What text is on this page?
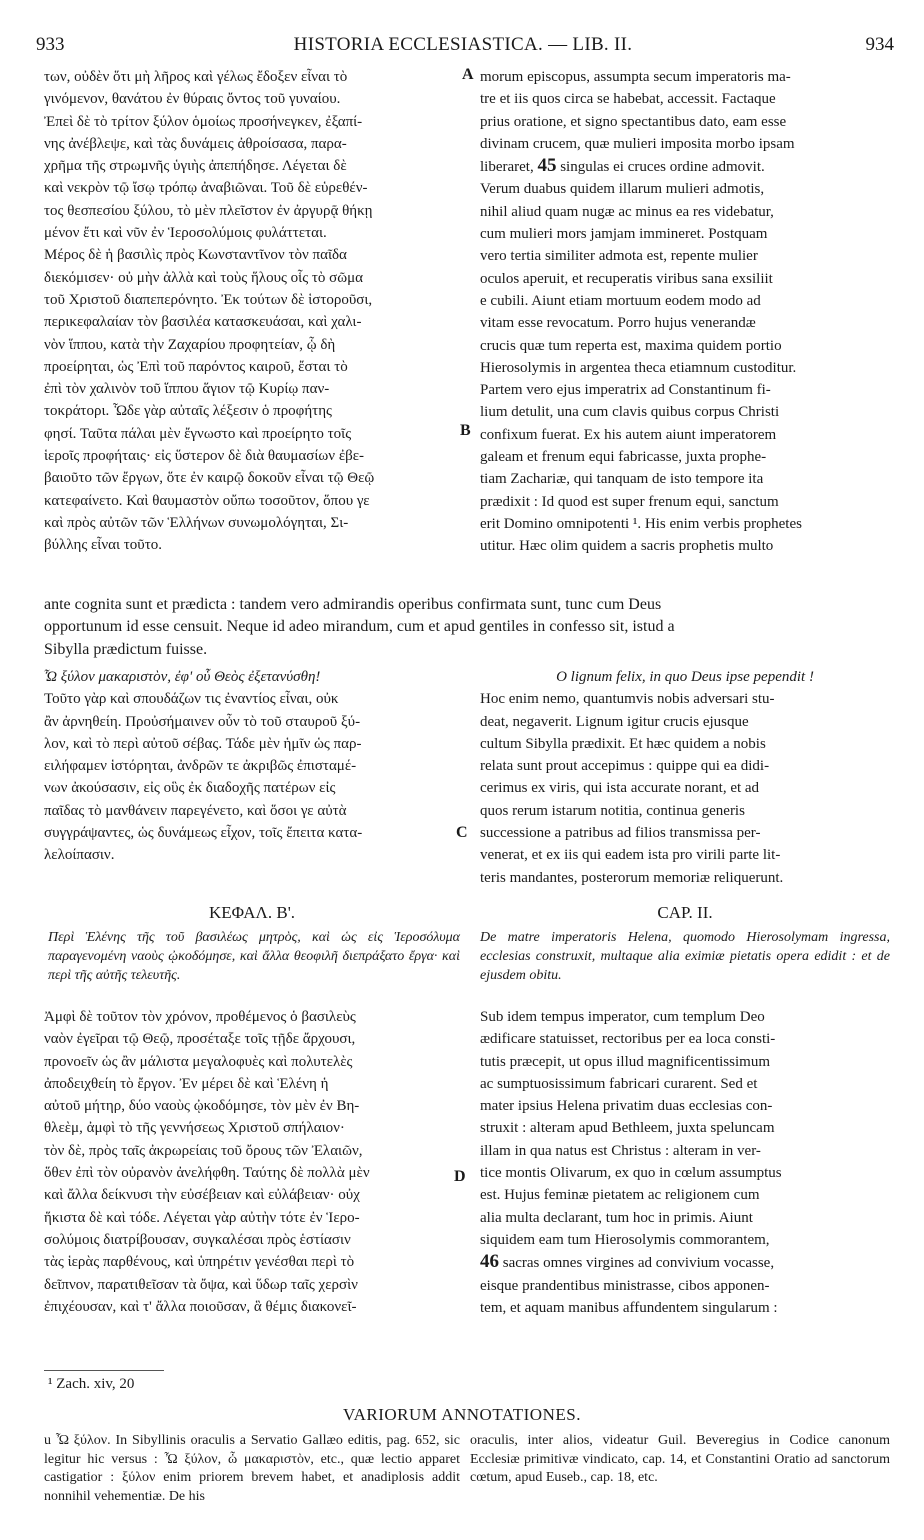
933	HISTORIA ECCLESIASTICA. — LIB. II.	934

των, οὐδὲν ὅτι μὴ λῆρος καὶ γέλως ἔδοξεν εἶναι τὸ

γινόμενον, θανάτου ἐν θύραις ὄντος τοῦ γυναίου.

Ἐπεὶ δὲ τὸ τρίτον ξύλον ὁμοίως προσήνεγκεν, ἐξαπί-

νης ἀνέβλεψε, καὶ τὰς δυνάμεις ἀθροίσασα, παρα-

χρῆμα τῆς στρωμνῆς ὑγιὴς ἀπεπήδησε. Λέγεται δὲ

καὶ νεκρὸν τῷ ἴσῳ τρόπῳ ἀναβιῶναι. Τοῦ δὲ εὑρεθέν-

τος θεσπεσίου ξύλου, τὸ μὲν πλεῖστον ἐν ἀργυρᾷ θήκῃ

μένον ἔτι καὶ νῦν ἐν Ἱεροσολύμοις φυλάττεται.

Μέρος δὲ ἡ βασιλὶς πρὸς Κωνσταντῖνον τὸν παῖδα

διεκόμισεν· οὐ μὴν ἀλλὰ καὶ τοὺς ἥλους οἷς τὸ σῶμα

τοῦ Χριστοῦ διαπεπερόνητο. Ἐκ τούτων δὲ ἱστοροῦσι,

περικεφαλαίαν τὸν βασιλέα κατασκευάσαι, καὶ χαλι-

νὸν ἵππου, κατὰ τὴν Ζαχαρίου προφητείαν, ᾧ δὴ

προείρηται, ὡς Ἐπὶ τοῦ παρόντος καιροῦ, ἔσται τὸ

ἐπὶ τὸν χαλινὸν τοῦ ἵππου ἅγιον τῷ Κυρίῳ παν-

τοκράτορι. Ὧδε γὰρ αὐταῖς λέξεσιν ὁ προφήτης

φησί. Ταῦτα πάλαι μὲν ἔγνωστο καὶ προείρητο τοῖς

ἱεροῖς προφήταις· εἰς ὕστερον δὲ διὰ θαυμασίων ἐβε-

βαιοῦτο τῶν ἔργων, ὅτε ἐν καιρῷ δοκοῦν εἶναι τῷ Θεῷ

κατεφαίνετο. Καὶ θαυμαστὸν οὔπω τοσοῦτον, ὅπου γε

καὶ πρὸς αὐτῶν τῶν Ἑλλήνων συνωμολόγηται, Σι-

βύλλης εἶναι τοῦτο.

morum episcopus, assumpta secum imperatoris ma-

tre et iis quos circa se habebat, accessit. Factaque

prius oratione, et signo spectantibus dato, eam esse

divinam crucem, quæ mulieri imposita morbo ipsam

liberaret, 45 singulas ei cruces ordine admovit.

Verum duabus quidem illarum mulieri admotis,

nihil aliud quam nugæ ac minus ea res videbatur,

cum mulieri mors jamjam immineret. Postquam

vero tertia similiter admota est, repente mulier

oculos aperuit, et recuperatis viribus sana exsiliit

e cubili. Aiunt etiam mortuum eodem modo ad

vitam esse revocatum. Porro hujus venerandæ

crucis quæ tum reperta est, maxima quidem portio

Hierosolymis in argentea theca etiamnum custoditur.

Partem vero ejus imperatrix ad Constantinum fi-

lium detulit, una cum clavis quibus corpus Christi

confixum fuerat. Ex his autem aiunt imperatorem

galeam et frenum equi fabricasse, juxta prophe-

tiam Zachariæ, qui tanquam de isto tempore ita

prædixit : Id quod est super frenum equi, sanctum

erit Domino omnipotenti ¹. His enim verbis prophetes

utitur. Hæc olim quidem a sacris prophetis multo

A
B

ante cognita sunt et prædicta : tandem vero admirandis operibus confirmata sunt, tunc cum Deus

opportunum id esse censuit. Neque id adeo mirandum, cum et apud gentiles in confesso sit, istud a

Sibylla prædictum fuisse.

Ὦ ξύλον μακαριστὸν, ἐφ' οὗ Θεὸς ἐξετανύσθη!

Τοῦτο γὰρ καὶ σπουδάζων τις ἐναντίος εἶναι, οὐκ

ἂν ἀρνηθείη. Προὐσήμαινεν οὖν τὸ τοῦ σταυροῦ ξύ-

λον, καὶ τὸ περὶ αὐτοῦ σέβας. Τάδε μὲν ἡμῖν ὡς παρ-

ειλήφαμεν ἱστόρηται, ἀνδρῶν τε ἀκριβῶς ἐπισταμέ-

νων ἀκούσασιν, εἰς οὓς ἐκ διαδοχῆς πατέρων εἰς

παῖδας τὸ μανθάνειν παρεγένετο, καὶ ὅσοι γε αὐτὰ

συγγράψαντες, ὡς δυνάμεως εἶχον, τοῖς ἔπειτα κατα-

λελοίπασιν.

O lignum felix, in quo Deus ipse pependit !

Hoc enim nemo, quantumvis nobis adversari stu-

deat, negaverit. Lignum igitur crucis ejusque

cultum Sibylla prædixit. Et hæc quidem a nobis

relata sunt prout accepimus : quippe qui ea didi-

cerimus ex viris, qui ista accurate norant, et ad

quos rerum istarum notitia, continua generis

successione a patribus ad filios transmissa per-

venerat, et ex iis qui eadem ista pro virili parte lit-

teris mandantes, posterorum memoriæ reliquerunt.

C
ΚΕΦΑΛ. Β'.	CAP. II.
Περὶ Ἑλένης τῆς τοῦ βασιλέως μητρὸς, καὶ ὡς εἰς Ἱεροσόλυμα παραγενομένη ναοὺς ᾠκοδόμησε, καὶ ἄλλα θεοφιλῆ διεπράξατο ἔργα· καὶ περὶ τῆς αὐτῆς τελευτῆς.
De matre imperatoris Helena, quomodo Hierosolymam ingressa, ecclesias construxit, multaque alia eximiæ pietatis opera edidit : et de ejusdem obitu.

Ἀμφὶ δὲ τοῦτον τὸν χρόνον, προθέμενος ὁ βασιλεὺς

ναὸν ἐγεῖραι τῷ Θεῷ, προσέταξε τοῖς τῇδε ἄρχουσι,

προνοεῖν ὡς ἂν μάλιστα μεγαλοφυὲς καὶ πολυτελὲς

ἀποδειχθείη τὸ ἔργον. Ἐν μέρει δὲ καὶ Ἑλένη ἡ

αὐτοῦ μήτηρ, δύο ναοὺς ᾠκοδόμησε, τὸν μὲν ἐν Βη-

θλεὲμ, ἀμφὶ τὸ τῆς γεννήσεως Χριστοῦ σπήλαιον·

τὸν δὲ, πρὸς ταῖς ἀκρωρείαις τοῦ ὄρους τῶν Ἐλαιῶν,

ὅθεν ἐπὶ τὸν οὐρανὸν ἀνελήφθη. Ταύτης δὲ πολλὰ μὲν

καὶ ἄλλα δείκνυσι τὴν εὐσέβειαν καὶ εὐλάβειαν· οὐχ

ἥκιστα δὲ καὶ τόδε. Λέγεται γὰρ αὐτὴν τότε ἐν Ἱερο-

σολύμοις διατρίβουσαν, συγκαλέσαι πρὸς ἑστίασιν

τὰς ἱερὰς παρθένους, καὶ ὑπηρέτιν γενέσθαι περὶ τὸ

δεῖπνον, παρατιθεῖσαν τὰ ὄψα, καὶ ὕδωρ ταῖς χερσὶν

ἐπιχέουσαν, καὶ τ' ἄλλα ποιοῦσαν, ἃ θέμις διακονεῖ-

Sub idem tempus imperator, cum templum Deo

ædificare statuisset, rectoribus per ea loca consti-

tutis præcepit, ut opus illud magnificentissimum

ac sumptuosissimum fabricari curarent. Sed et

mater ipsius Helena privatim duas ecclesias con-

struxit : alteram apud Bethleem, juxta speluncam

illam in qua natus est Christus : alteram in ver-

tice montis Olivarum, ex quo in cœlum assumptus

est. Hujus feminæ pietatem ac religionem cum

alia multa declarant, tum hoc in primis. Aiunt

siquidem eam tum Hierosolymis commorantem,

46 sacras omnes virgines ad convivium vocasse,

eisque prandentibus ministrasse, cibos apponen-

tem, et aquam manibus affundentem singularum :

D
¹ Zach. xiv, 20
VARIORUM ANNOTATIONES.
u Ὦ ξύλον. In Sibyllinis oraculis a Servatio Gallæo editis, pag. 652, sic legitur hic versus : Ὦ ξύλον, ὦ μακαριστὸν, etc., quæ lectio apparet castigatior : ξύλον enim priorem brevem habet, et anadiplosis addit nonnihil vehementiæ. De his
oraculis, inter alios, videatur Guil. Beveregius in Codice canonum Ecclesiæ primitivæ vindicato, cap. 14, et Constantini Oratio ad sanctorum cœtum, apud Euseb., cap. 18, etc.
